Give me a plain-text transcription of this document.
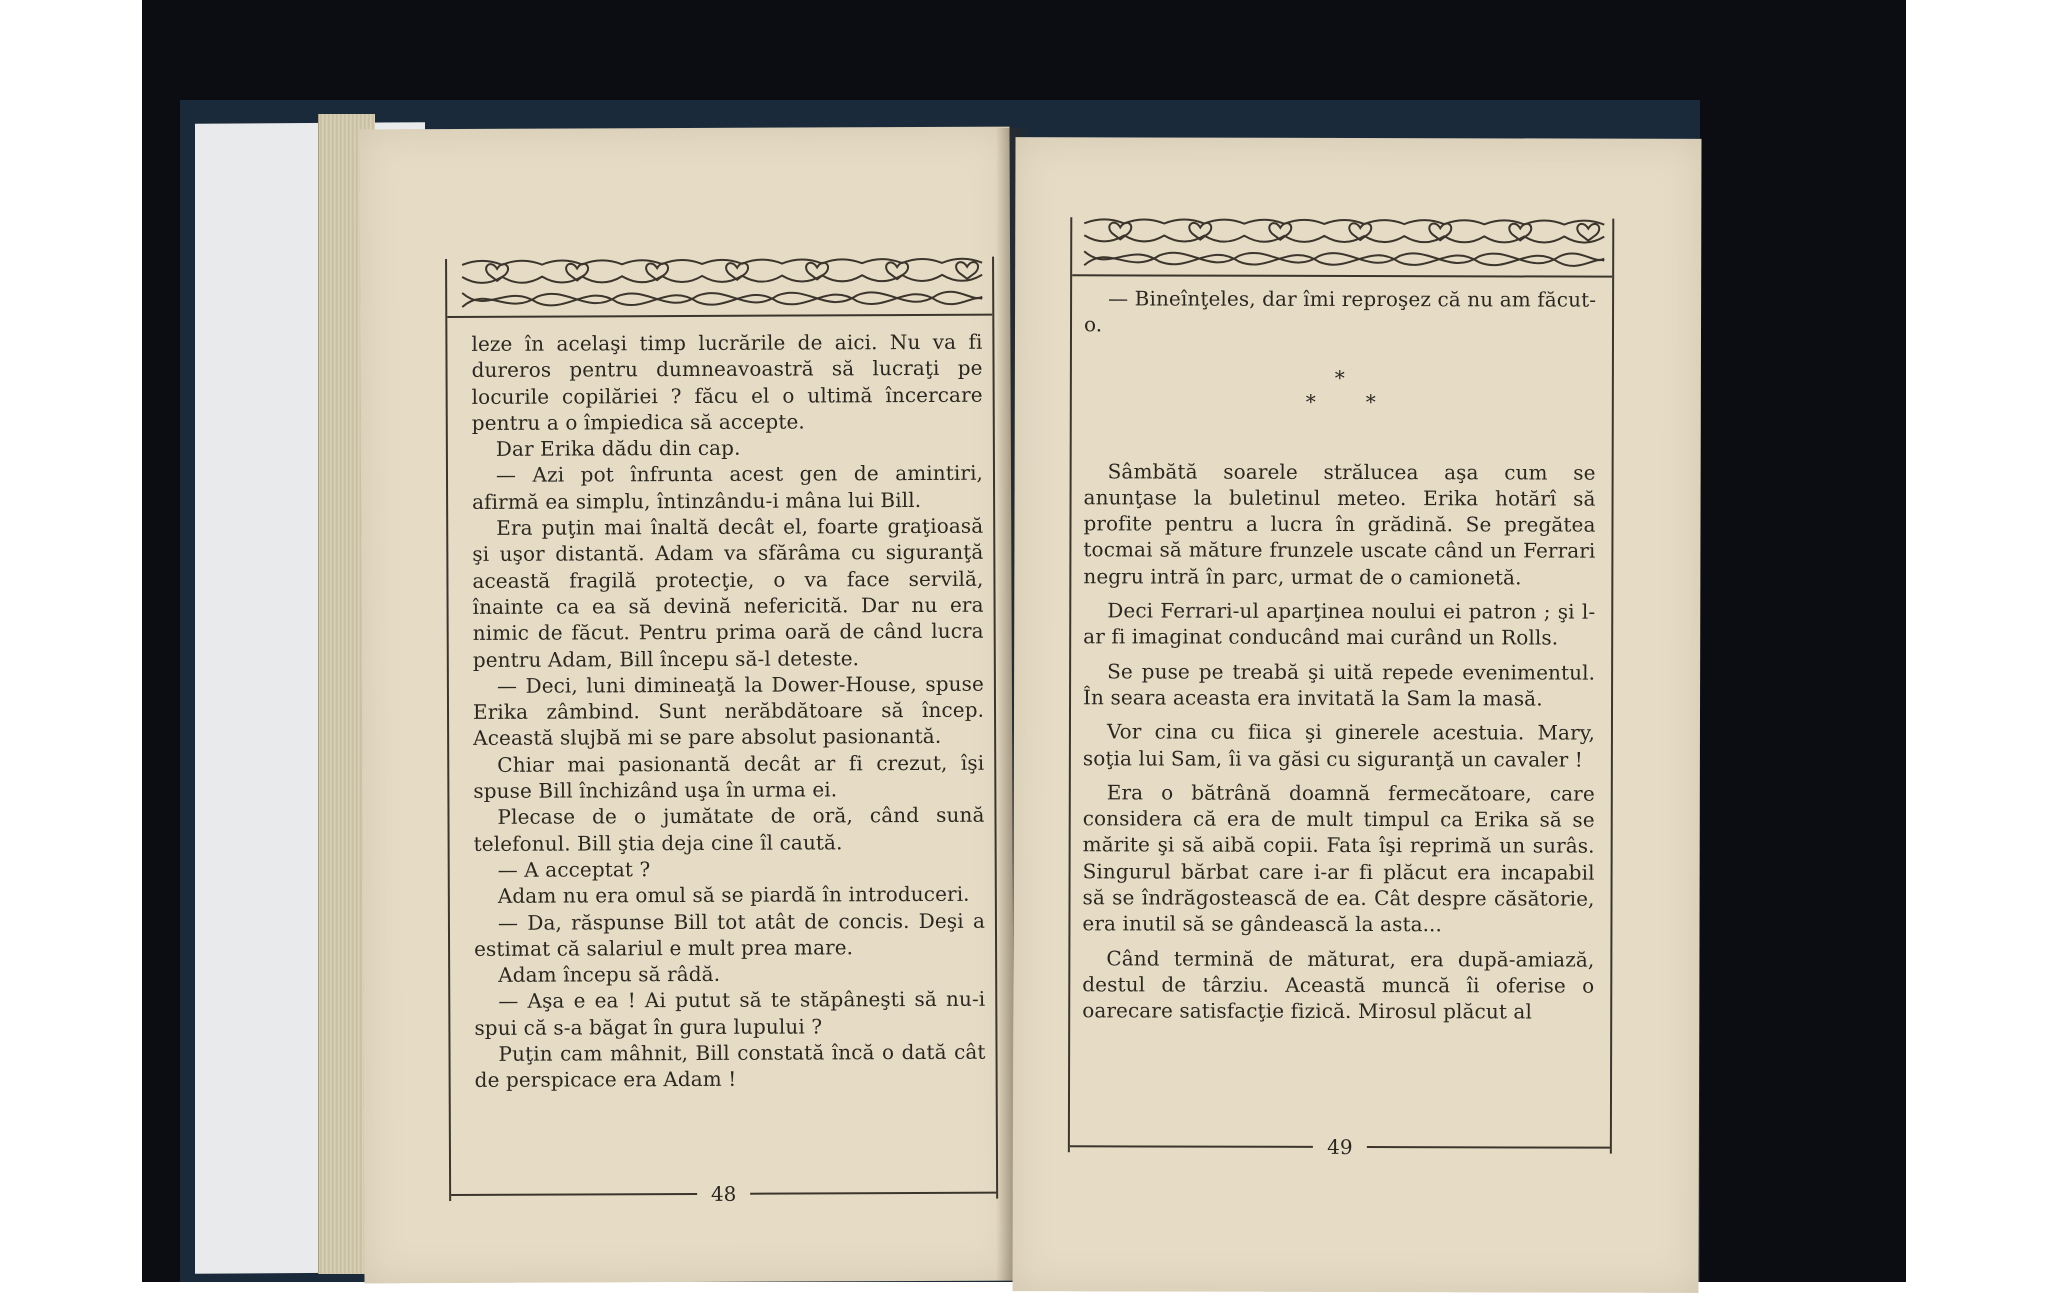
leze în acelaşi timp lucrările de aici. Nu va fi dureros pentru dumneavoastră să lucraţi pe locurile copilăriei ? făcu el o ultimă încercare pentru a o împiedica să accepte.

Dar Erika dădu din cap.

— Azi pot înfrunta acest gen de amintiri, afirmă ea simplu, întinzându-i mâna lui Bill.

Era puţin mai înaltă decât el, foarte graţioasă şi uşor distantă. Adam va sfărâma cu siguranţă această fragilă protecţie, o va face servilă, înainte ca ea să devină nefericită. Dar nu era nimic de făcut. Pentru prima oară de când lucra pentru Adam, Bill începu să-l deteste.

— Deci, luni dimineaţă la Dower-House, spuse Erika zâmbind. Sunt nerăbdătoare să încep. Această slujbă mi se pare absolut pasionantă.

Chiar mai pasionantă decât ar fi crezut, îşi spuse Bill închizând uşa în urma ei.

Plecase de o jumătate de oră, când sună telefonul. Bill ştia deja cine îl caută.

— A acceptat ?

Adam nu era omul să se piardă în introduceri.

— Da, răspunse Bill tot atât de concis. Deşi a estimat că salariul e mult prea mare.

Adam începu să râdă.

— Aşa e ea ! Ai putut să te stăpâneşti să nu-i spui că s-a băgat în gura lupului ?

Puţin cam mâhnit, Bill constată încă o dată cât de perspicace era Adam !

48

— Bineînţeles, dar îmi reproşez că nu am făcut-o.

*
* *

Sâmbătă soarele strălucea aşa cum se anunţase la buletinul meteo. Erika hotărî să profite pentru a lucra în grădină. Se pregătea tocmai să măture frunzele uscate când un Ferrari negru intră în parc, urmat de o camionetă.

Deci Ferrari-ul aparţinea noului ei patron ; şi l-ar fi imaginat conducând mai curând un Rolls.

Se puse pe treabă şi uită repede evenimentul. În seara aceasta era invitată la Sam la masă.

Vor cina cu fiica şi ginerele acestuia. Mary, soţia lui Sam, îi va găsi cu siguranţă un cavaler !

Era o bătrână doamnă fermecătoare, care considera că era de mult timpul ca Erika să se mărite şi să aibă copii. Fata îşi reprimă un surâs. Singurul bărbat care i-ar fi plăcut era incapabil să se îndrăgostească de ea. Cât despre căsătorie, era inutil să se gândească la asta...

Când termină de măturat, era după-amiază, destul de târziu. Această muncă îi oferise o oarecare satisfacţie fizică. Mirosul plăcut al

49
